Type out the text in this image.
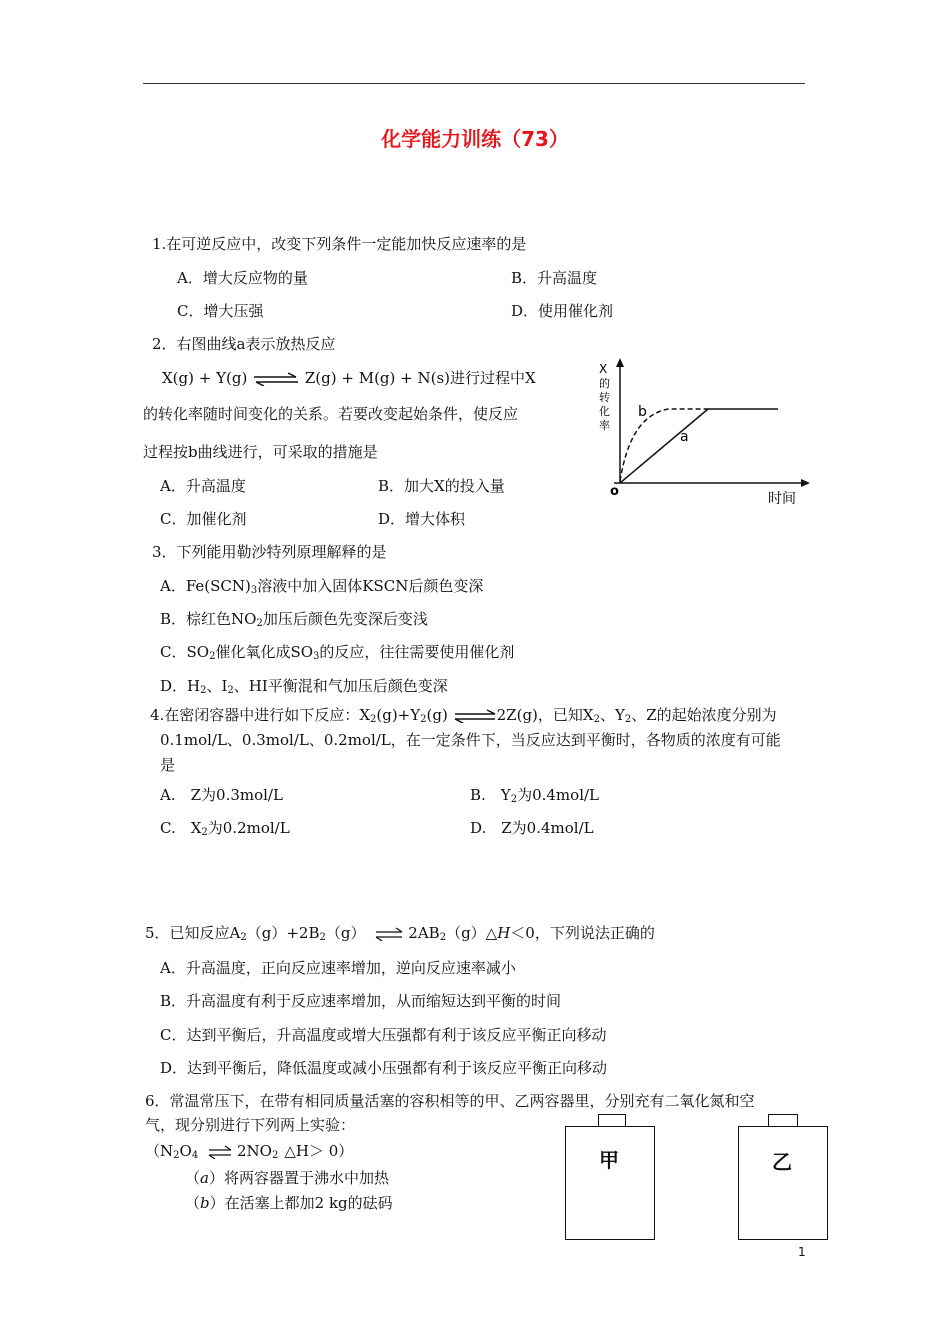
化学能力训练（73）
1.在可逆反应中，改变下列条件一定能加快反应速率的是
A．增大反应物的量	B．升高温度
C．增大压强	D．使用催化剂
2．右图曲线a表示放热反应
X(g) + Y(g) ⇌ Z(g) + M(g) + N(s)进行过程中X
的转化率随时间变化的关系。若要改变起始条件，使反应
过程按b曲线进行，可采取的措施是
A．升高温度	B．加大X的投入量
C．加催化剂	D．增大体积
X
的
转
化
率
b
a
o	时间
3．下列能用勒沙特列原理解释的是
A．$Fe(SCN)_3$溶液中加入固体KSCN后颜色变深
B．棕红色$NO_2$加压后颜色先变深后变浅
C．$SO_2$催化氧化成$SO_3$的反应，往往需要使用催化剂
D．$H_2$、$I_2$、HI平衡混和气加压后颜色变深
4.在密闭容器中进行如下反应：$X_2(g)+Y_2(g)$ ⇌2Z(g)，已知$X_2$、$Y_2$、Z的起始浓度分别为
0.1mol/L、0.3mol/L、0.2mol/L，在一定条件下，当反应达到平衡时，各物质的浓度有可能
是
A.　Z为0.3mol/L	B.　$Y_2$为0.4mol/L
C.　$X_2$为0.2mol/L	D.　Z为0.4mol/L
5．已知反应$A_2(g)+2B_2(g)$ ⇌ $2AB_2(g)\triangle H<0$，下列说法正确的
A．升高温度，正向反应速率增加，逆向反应速率减小
B．升高温度有利于反应速率增加，从而缩短达到平衡的时间
C．达到平衡后，升高温度或增大压强都有利于该反应平衡正向移动
D．达到平衡后，降低温度或减小压强都有利于该反应平衡正向移动
6．常温常压下，在带有相同质量活塞的容积相等的甲、乙两容器里，分别充有二氧化氮和空
气，现分别进行下列两上实验：
（$N_2O_4$ ⇌ $2NO_2$ △H＞ 0）
（a）将两容器置于沸水中加热
（b）在活塞上都加2 kg的砝码
甲	乙
1
